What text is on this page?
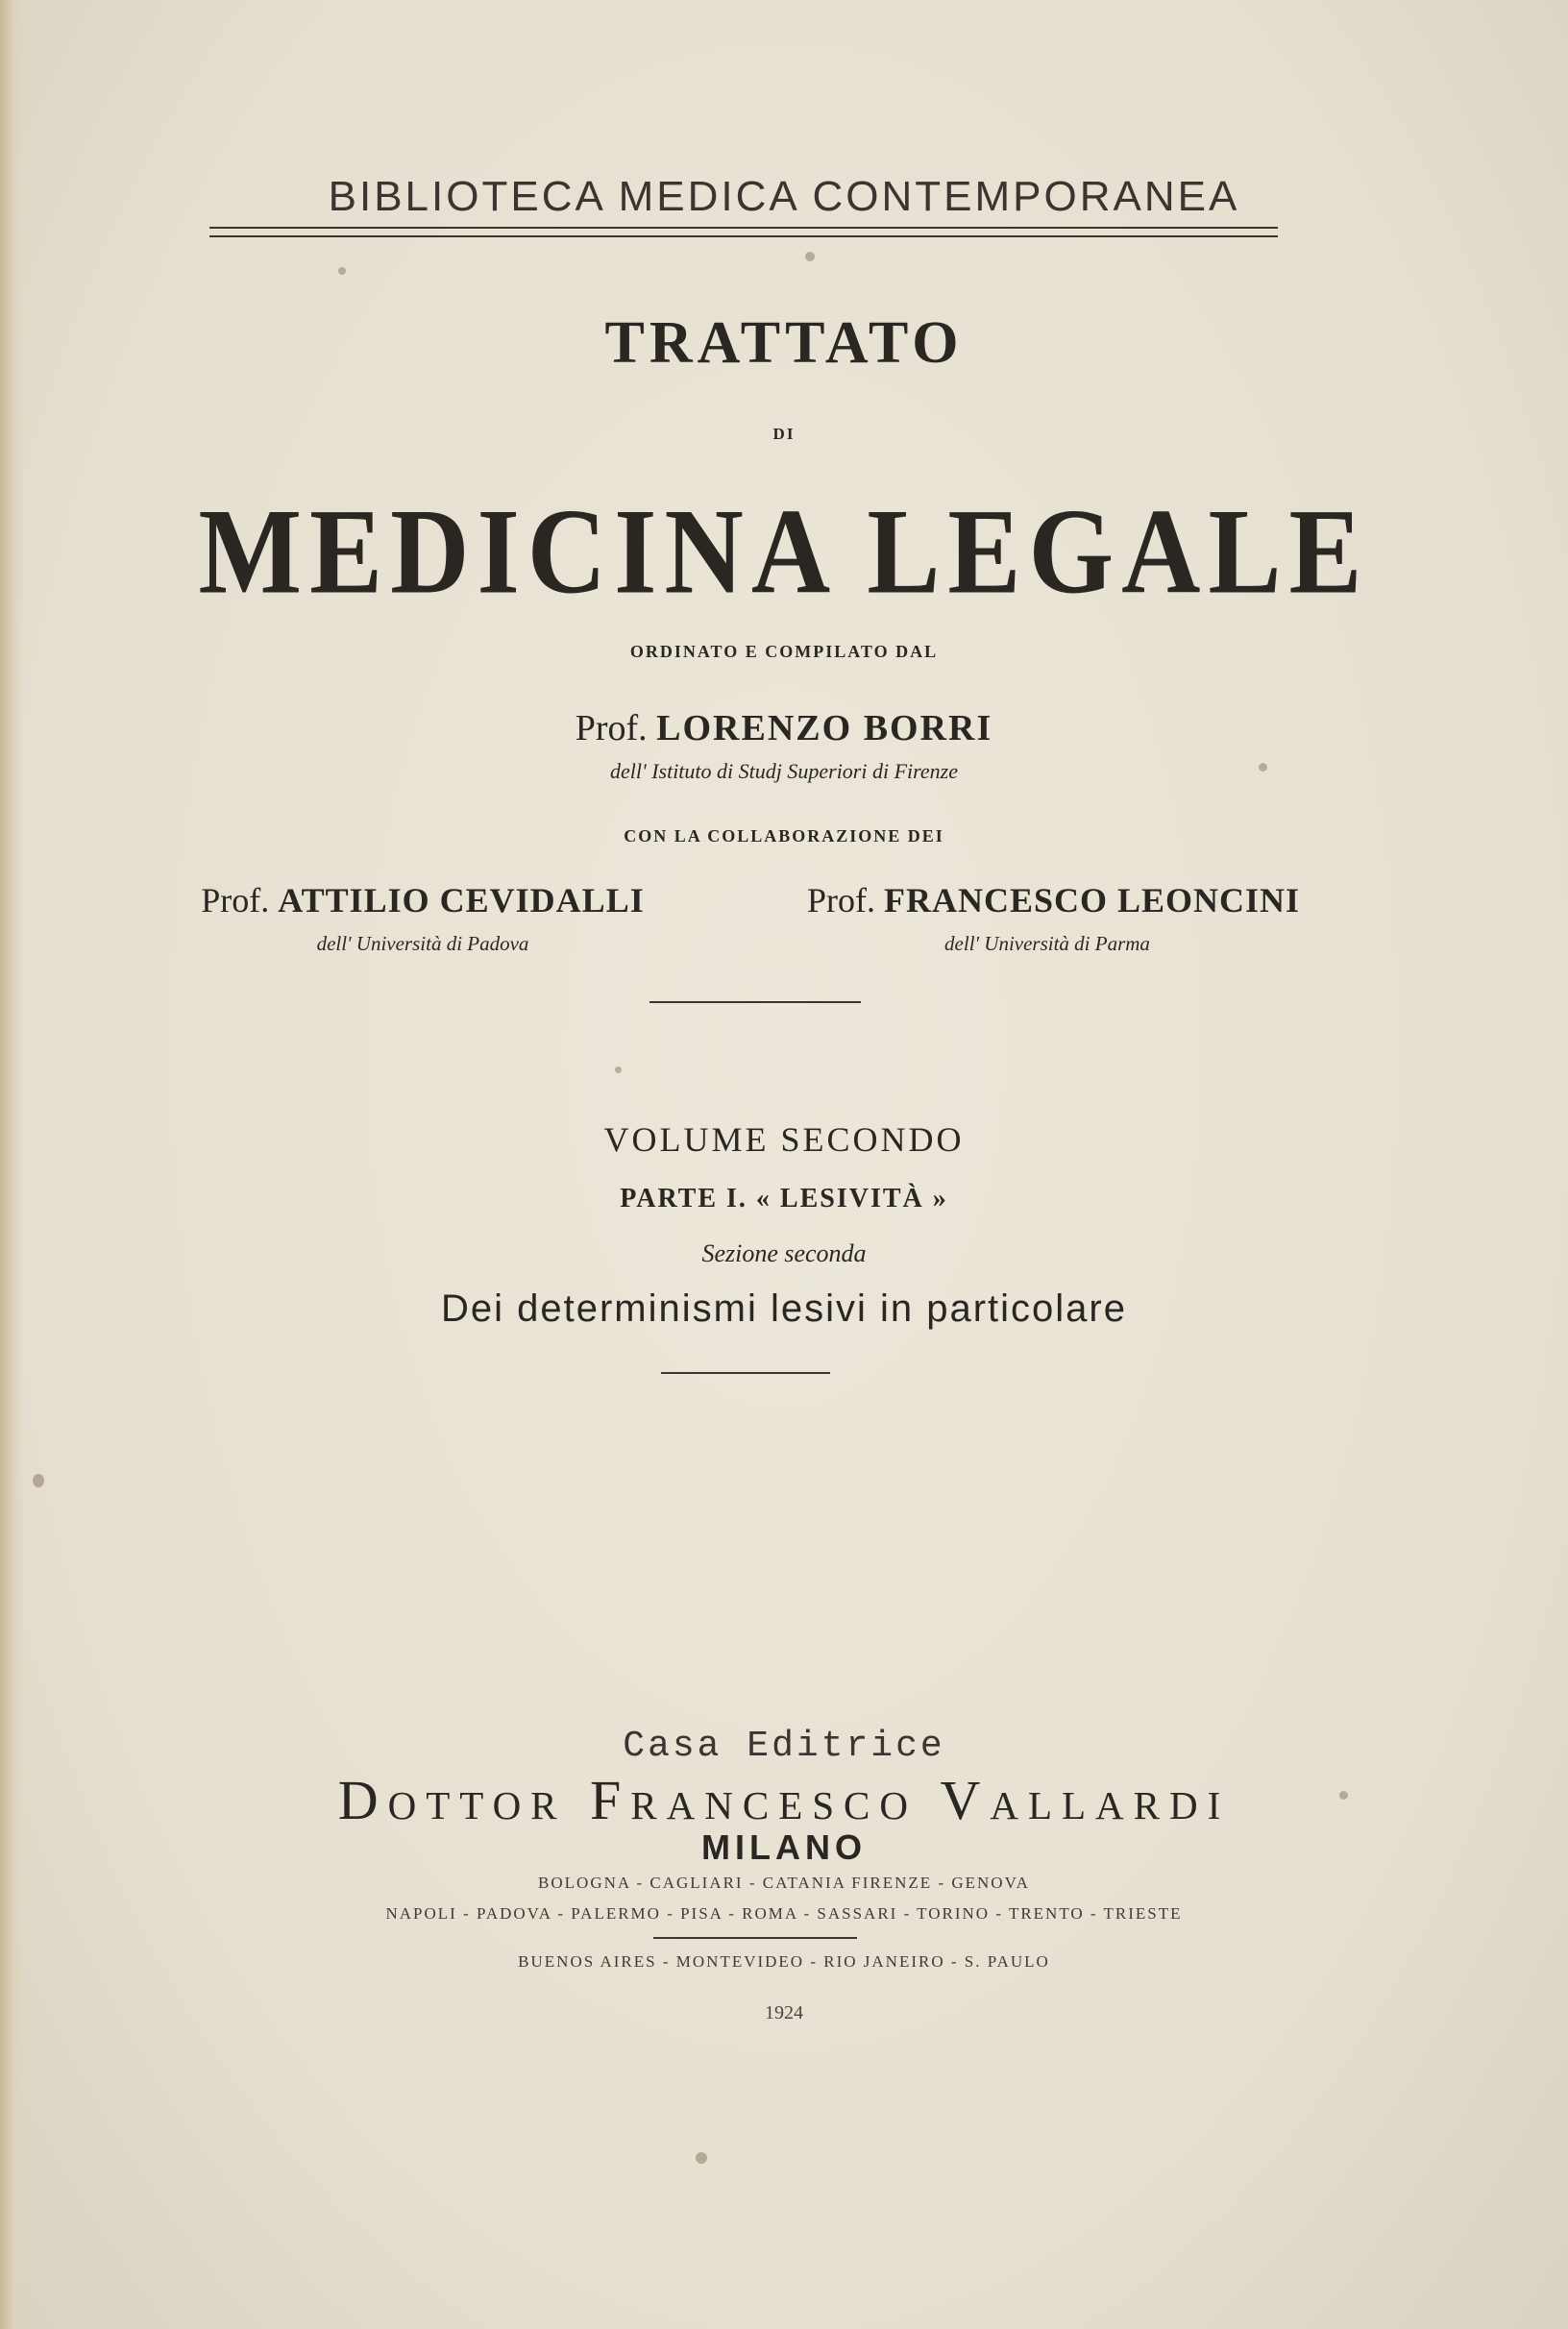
BIBLIOTECA MEDICA CONTEMPORANEA
TRATTATO
DI
MEDICINA LEGALE
ORDINATO E COMPILATO DAL
Prof. LORENZO BORRI
dell' Istituto di Studj Superiori di Firenze
CON LA COLLABORAZIONE DEI
Prof. ATTILIO CEVIDALLI
dell' Università di Padova
Prof. FRANCESCO LEONCINI
dell' Università di Parma
VOLUME SECONDO
PARTE I. « LESIVITÀ »
Sezione seconda
Dei determinismi lesivi in particolare
Casa Editrice
Dottor Francesco Vallardi
MILANO
BOLOGNA - CAGLIARI - CATANIA FIRENZE - GENOVA
NAPOLI - PADOVA - PALERMO - PISA - ROMA - SASSARI - TORINO - TRENTO - TRIESTE
BUENOS AIRES - MONTEVIDEO - RIO JANEIRO - S. PAULO
1924
